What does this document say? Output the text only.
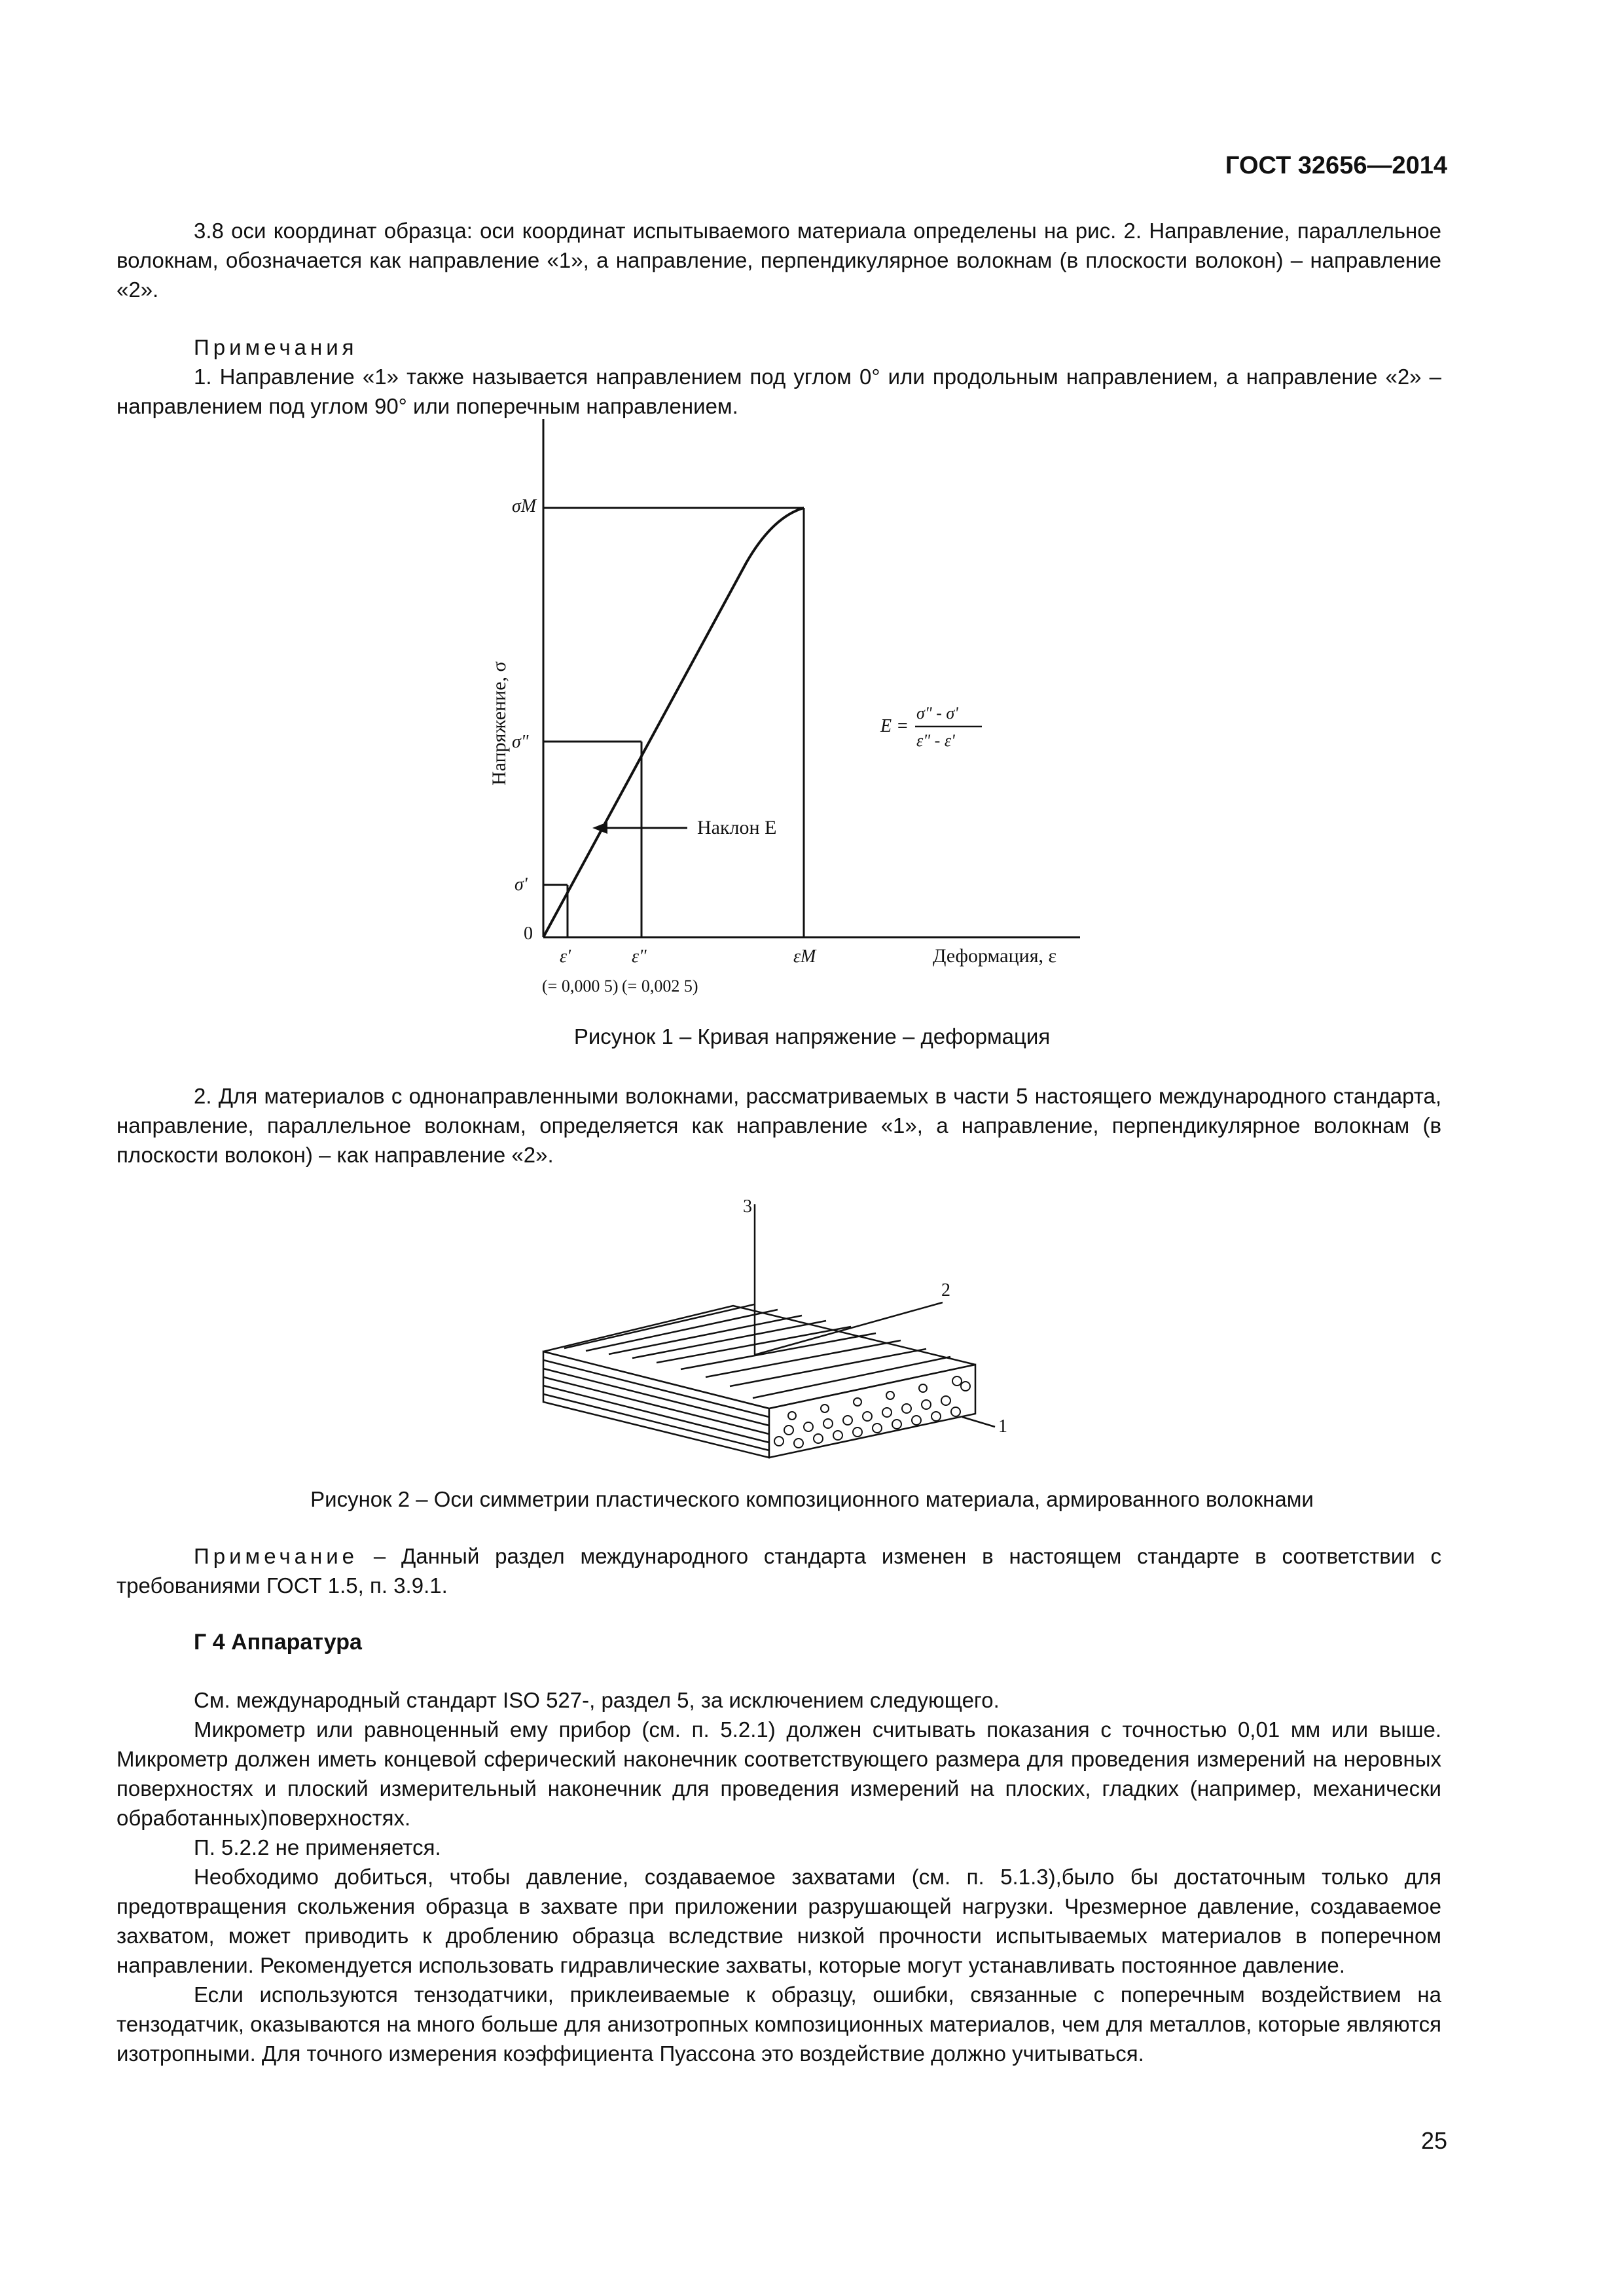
ГОСТ 32656—2014

3.8 оси координат образца: оси координат испытываемого материала определены на рис. 2. Направление, параллельное волокнам, обозначается как направление «1», а направление, перпендикулярное волокнам (в плоскости волокон) – направление «2».

Примечания

1. Направление «1» также называется направлением под углом 0° или продольным направлением, а направление «2» – направлением под углом 90° или поперечным направлением.

Напряжение, σ
σM
σ"
σ'
0
ε'	ε"	εM	Деформация, ε
(= 0,000 5) (= 0,002 5)
Наклон E
E =
σ" - σ'
ε" - ε'
Рисунок 1 – Кривая напряжение – деформация

2. Для материалов с однонаправленными волокнами, рассматриваемых в части 5 настоящего международного стандарта, направление, параллельное волокнам, определяется как направление «1», а направление, перпендикулярное волокнам (в плоскости волокон) – как направление «2».

3
2
1
Рисунок 2 – Оси симметрии пластического композиционного материала, армированного волокнами

Примечание – Данный раздел международного стандарта изменен в настоящем стандарте в соответствии с требованиями ГОСТ 1.5, п. 3.9.1.

Г 4 Аппаратура

См. международный стандарт ISO 527-, раздел 5, за исключением следующего.

Микрометр или равноценный ему прибор (см. п. 5.2.1) должен считывать показания с точностью 0,01 мм или выше. Микрометр должен иметь концевой сферический наконечник соответствующего размера для проведения измерений на неровных поверхностях и плоский измерительный наконечник для проведения измерений на плоских, гладких (например, механически обработанных)поверхностях.

П. 5.2.2 не применяется.

Необходимо добиться, чтобы давление, создаваемое захватами (см. п. 5.1.3),было бы достаточным только для предотвращения скольжения образца в захвате при приложении разрушающей нагрузки. Чрезмерное давление, создаваемое захватом, может приводить к дроблению образца вследствие низкой прочности испытываемых материалов в поперечном направлении. Рекомендуется использовать гидравлические захваты, которые могут устанавливать постоянное давление.

Если используются тензодатчики, приклеиваемые к образцу, ошибки, связанные с поперечным воздействием на тензодатчик, оказываются на много больше для анизотропных композиционных материалов, чем для металлов, которые являются изотропными. Для точного измерения коэффициента Пуассона это воздействие должно учитываться.

25
